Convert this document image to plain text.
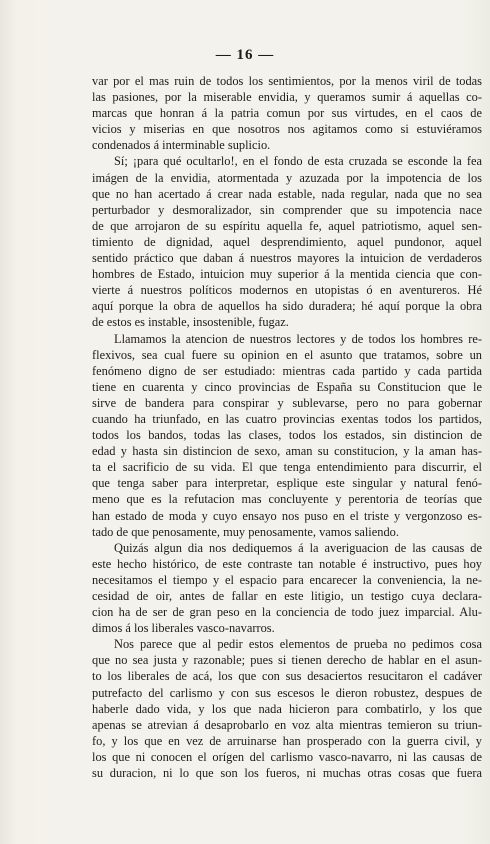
— 16 —
var por el mas ruin de todos los sentimientos, por la menos viril de todas
las pasiones, por la miserable envidia, y queramos sumir á aquellas co-
marcas que honran á la patria comun por sus virtudes, en el caos de
vicios y miserias en que nosotros nos agitamos como si estuviéramos
condenados á interminable suplicio.
Sí; ¡para qué ocultarlo!, en el fondo de esta cruzada se esconde la fea
imágen de la envidia, atormentada y azuzada por la impotencia de los
que no han acertado á crear nada estable, nada regular, nada que no sea
perturbador y desmoralizador, sin comprender que su impotencia nace
de que arrojaron de su espíritu aquella fe, aquel patriotismo, aquel sen-
timiento de dignidad, aquel desprendimiento, aquel pundonor, aquel
sentido práctico que daban á nuestros mayores la intuicion de verdaderos
hombres de Estado, intuicion muy superior á la mentida ciencia que con-
vierte á nuestros políticos modernos en utopistas ó en aventureros. Hé
aquí porque la obra de aquellos ha sido duradera; hé aquí porque la obra
de estos es instable, insostenible, fugaz.
Llamamos la atencion de nuestros lectores y de todos los hombres re-
flexivos, sea cual fuere su opinion en el asunto que tratamos, sobre un
fenómeno digno de ser estudiado: mientras cada partido y cada partida
tiene en cuarenta y cinco provincias de España su Constitucion que le
sirve de bandera para conspirar y sublevarse, pero no para gobernar
cuando ha triunfado, en las cuatro provincias exentas todos los partidos,
todos los bandos, todas las clases, todos los estados, sin distincion de
edad y hasta sin distincion de sexo, aman su constitucion, y la aman has-
ta el sacrificio de su vida. El que tenga entendimiento para discurrir, el
que tenga saber para interpretar, esplique este singular y natural fenó-
meno que es la refutacion mas concluyente y perentoria de teorías que
han estado de moda y cuyo ensayo nos puso en el triste y vergonzoso es-
tado de que penosamente, muy penosamente, vamos saliendo.
Quizás algun dia nos dediquemos á la averiguacion de las causas de
este hecho histórico, de este contraste tan notable é instructivo, pues hoy
necesitamos el tiempo y el espacio para encarecer la conveniencia, la ne-
cesidad de oir, antes de fallar en este litigio, un testigo cuya declara-
cion ha de ser de gran peso en la conciencia de todo juez imparcial. Alu-
dimos á los liberales vasco-navarros.
Nos parece que al pedir estos elementos de prueba no pedimos cosa
que no sea justa y razonable; pues si tienen derecho de hablar en el asun-
to los liberales de acá, los que con sus desaciertos resucitaron el cadáver
putrefacto del carlismo y con sus escesos le dieron robustez, despues de
haberle dado vida, y los que nada hicieron para combatirlo, y los que
apenas se atrevian á desaprobarlo en voz alta mientras temieron su triun-
fo, y los que en vez de arruinarse han prosperado con la guerra civil, y
los que ni conocen el orígen del carlismo vasco-navarro, ni las causas de
su duracion, ni lo que son los fueros, ni muchas otras cosas que fuera
